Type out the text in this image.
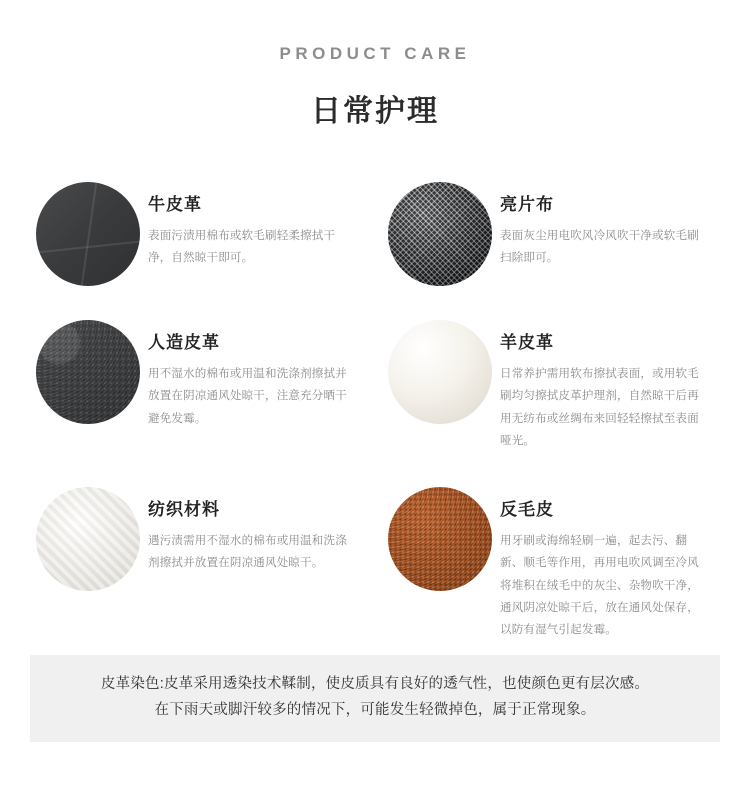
PRODUCT CARE

日常护理
牛皮革

表面污渍用棉布或软毛刷轻柔擦拭干净，自然晾干即可。

亮片布

表面灰尘用电吹风冷风吹干净或软毛刷扫除即可。

人造皮革

用不湿水的棉布或用温和洗涤剂擦拭并放置在阴凉通风处晾干，注意充分晒干避免发霉。

羊皮革

日常养护需用软布擦拭表面，或用软毛刷均匀擦拭皮革护理剂，自然晾干后再用无纺布或丝绸布来回轻轻擦拭至表面哑光。

纺织材料

遇污渍需用不湿水的棉布或用温和洗涤剂擦拭并放置在阴凉通风处晾干。

反毛皮

用牙刷或海绵轻刷一遍，起去污、翻新、顺毛等作用，再用电吹风调至冷风将堆积在绒毛中的灰尘、杂物吹干净，通风阴凉处晾干后，放在通风处保存，以防有湿气引起发霉。

皮革染色:皮革采用透染技术鞣制，使皮质具有良好的透气性，也使颜色更有层次感。

在下雨天或脚汗较多的情况下，可能发生轻微掉色，属于正常现象。
